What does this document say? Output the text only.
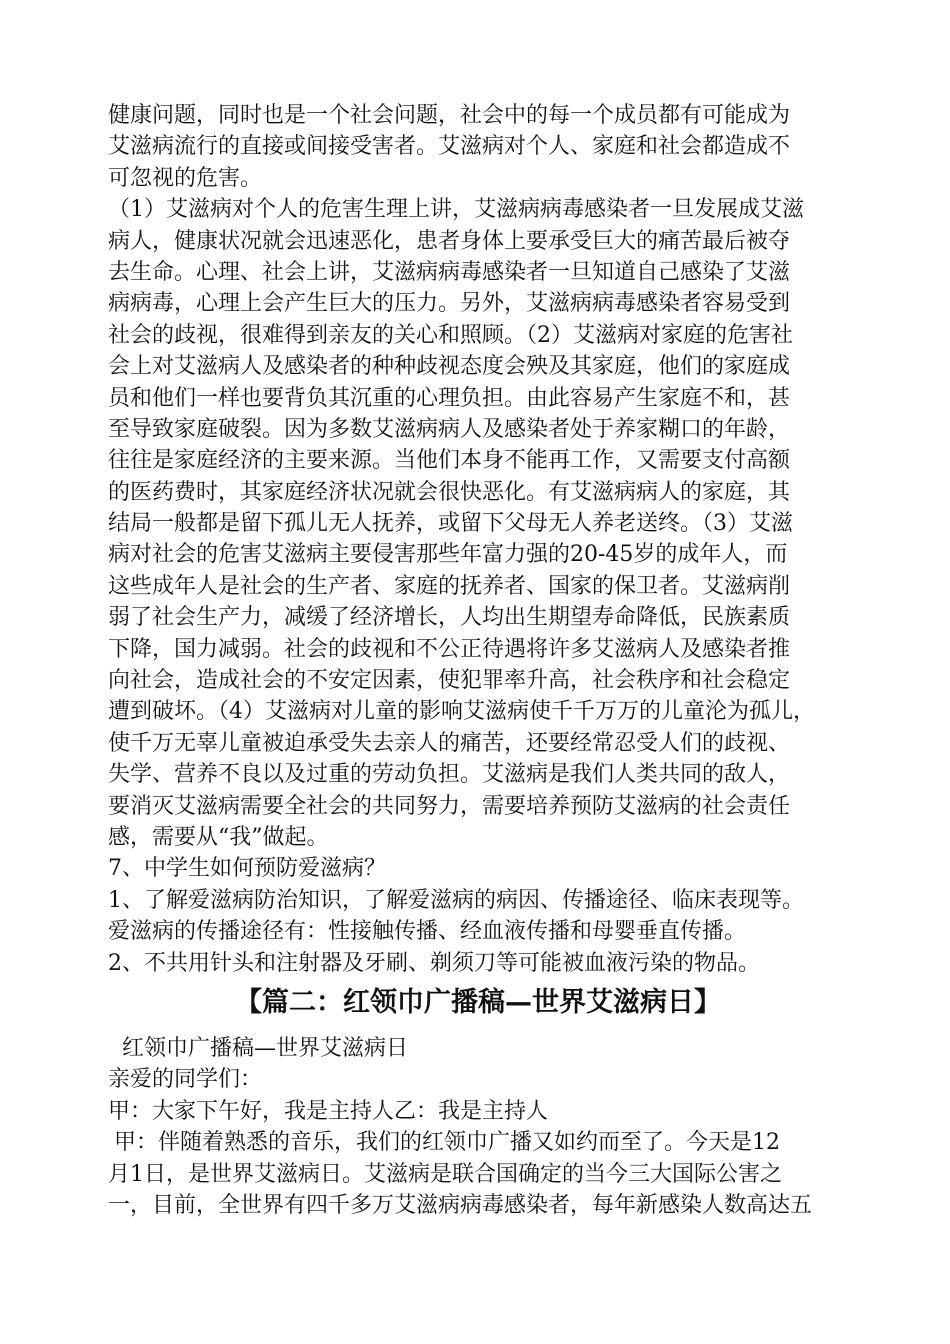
健康问题，同时也是一个社会问题，社会中的每一个成员都有可能成为
艾滋病流行的直接或间接受害者。艾滋病对个人、家庭和社会都造成不
可忽视的危害。
（1）艾滋病对个人的危害生理上讲，艾滋病病毒感染者一旦发展成艾滋
病人，健康状况就会迅速恶化，患者身体上要承受巨大的痛苦最后被夺
去生命。心理、社会上讲，艾滋病病毒感染者一旦知道自己感染了艾滋
病病毒，心理上会产生巨大的压力。另外，艾滋病病毒感染者容易受到
社会的歧视，很难得到亲友的关心和照顾。（2）艾滋病对家庭的危害社
会上对艾滋病人及感染者的种种歧视态度会殃及其家庭，他们的家庭成
员和他们一样也要背负其沉重的心理负担。由此容易产生家庭不和，甚
至导致家庭破裂。因为多数艾滋病病人及感染者处于养家糊口的年龄，
往往是家庭经济的主要来源。当他们本身不能再工作，又需要支付高额
的医药费时，其家庭经济状况就会很快恶化。有艾滋病病人的家庭，其
结局一般都是留下孤儿无人抚养，或留下父母无人养老送终。（3）艾滋
病对社会的危害艾滋病主要侵害那些年富力强的20-45岁的成年人，而
这些成年人是社会的生产者、家庭的抚养者、国家的保卫者。艾滋病削
弱了社会生产力，减缓了经济增长，人均出生期望寿命降低，民族素质
下降，国力减弱。社会的歧视和不公正待遇将许多艾滋病人及感染者推
向社会，造成社会的不安定因素，使犯罪率升高，社会秩序和社会稳定
遭到破坏。（4）艾滋病对儿童的影响艾滋病使千千万万的儿童沦为孤儿，
使千万无辜儿童被迫承受失去亲人的痛苦，还要经常忍受人们的歧视、
失学、营养不良以及过重的劳动负担。艾滋病是我们人类共同的敌人，
要消灭艾滋病需要全社会的共同努力，需要培养预防艾滋病的社会责任
感，需要从“我”做起。
7、中学生如何预防爱滋病？
1、了解爱滋病防治知识，了解爱滋病的病因、传播途径、临床表现等。
爱滋病的传播途径有：性接触传播、经血液传播和母婴垂直传播。
2、不共用针头和注射器及牙刷、剃须刀等可能被血液污染的物品。
【篇二：红领巾广播稿—世界艾滋病日】
红领巾广播稿—世界艾滋病日
亲爱的同学们：
甲：大家下午好，我是主持人乙：我是主持人
甲：伴随着熟悉的音乐，我们的红领巾广播又如约而至了。今天是12
月1日，是世界艾滋病日。艾滋病是联合国确定的当今三大国际公害之
一，目前，全世界有四千多万艾滋病病毒感染者，每年新感染人数高达五
